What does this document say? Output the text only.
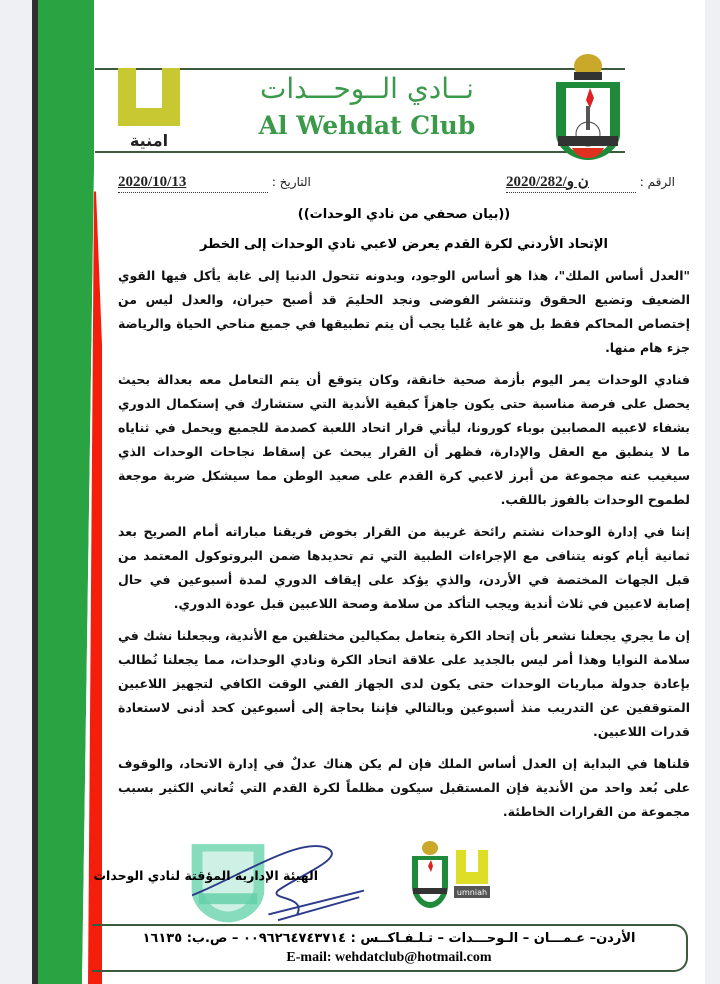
امنية
نــادي الــوحـــدات
Al Wehdat Club
الرقم : ن و/2020/282
التاريخ : 2020/10/13
((بيان صحفي من نادي الوحدات))
الإتحاد الأردني لكرة القدم يعرض لاعبي نادي الوحدات إلى الخطر

"العدل أساس الملك"، هذا هو أساس الوجود، وبدونه تتحول الدنيا إلى غابة يأكل فيها القوي الضعيف وتضيع الحقوق وتنتشر الفوضى ونجد الحليمَ قد أصبح حيران، والعدل ليس من إختصاص المحاكم فقط بل هو غاية عُليا يجب أن يتم تطبيقها في جميع مناحي الحياة والرياضة جزء هام منها.

فنادي الوحدات يمر اليوم بأزمة صحية خانقة، وكان يتوقع أن يتم التعامل معه بعدالة بحيث يحصل على فرصة مناسبة حتى يكون جاهزاً كبقية الأندية التي ستشارك في إستكمال الدوري بشفاء لاعبيه المصابين بوباء كورونا، ليأتي قرار اتحاد اللعبة كصدمة للجميع ويحمل في ثناياه ما لا ينطبق مع العقل والإدارة، فظهر أن القرار يبحث عن إسقاط نجاحات الوحدات الذي سيغيب عنه مجموعة من أبرز لاعبي كرة القدم على صعيد الوطن مما سيشكل ضربة موجعة لطموح الوحدات بالفوز باللقب.

إننا في إدارة الوحدات نشتم رائحة غريبة من القرار بخوض فريقنا مباراته أمام الصريح بعد ثمانية أيام كونه يتنافى مع الإجراءات الطبية التي تم تحديدها ضمن البروتوكول المعتمد من قبل الجهات المختصة في الأردن، والذي يؤكد على إيقاف الدوري لمدة أسبوعين في حال إصابة لاعبين في ثلاث أندية ويجب التأكد من سلامة وصحة اللاعبين قبل عودة الدوري.

إن ما يجري يجعلنا نشعر بأن إتحاد الكرة يتعامل بمكيالين مختلفين مع الأندية، ويجعلنا نشك في سلامة النوايا وهذا أمر ليس بالجديد على علاقة اتحاد الكرة ونادي الوحدات، مما يجعلنا نُطالب بإعادة جدولة مباريات الوحدات حتى يكون لدى الجهاز الفني الوقت الكافي لتجهيز اللاعبين المتوقفين عن التدريب منذ أسبوعين وبالتالي فإننا بحاجة إلى أسبوعين كحد أدنى لاستعادة قدرات اللاعبين.

قلناها في البداية إن العدل أساس الملك فإن لم يكن هناك عدلٌ في إدارة الاتحاد، والوقوف على بُعد واحد من الأندية فإن المستقبل سيكون مظلماً لكرة القدم التي تُعاني الكثير بسبب مجموعة من القرارات الخاطئة.

الهيئة الإدارية المؤقتة لنادي الوحدات
umniah
الأردن– عـمـــان – الـوحـــدات – تـلـفـاكــس : ٠٠٩٦٢٦٤٧٤٣٧١٤ – ص.ب: ١٦١٣٥
E-mail: wehdatclub@hotmail.com
